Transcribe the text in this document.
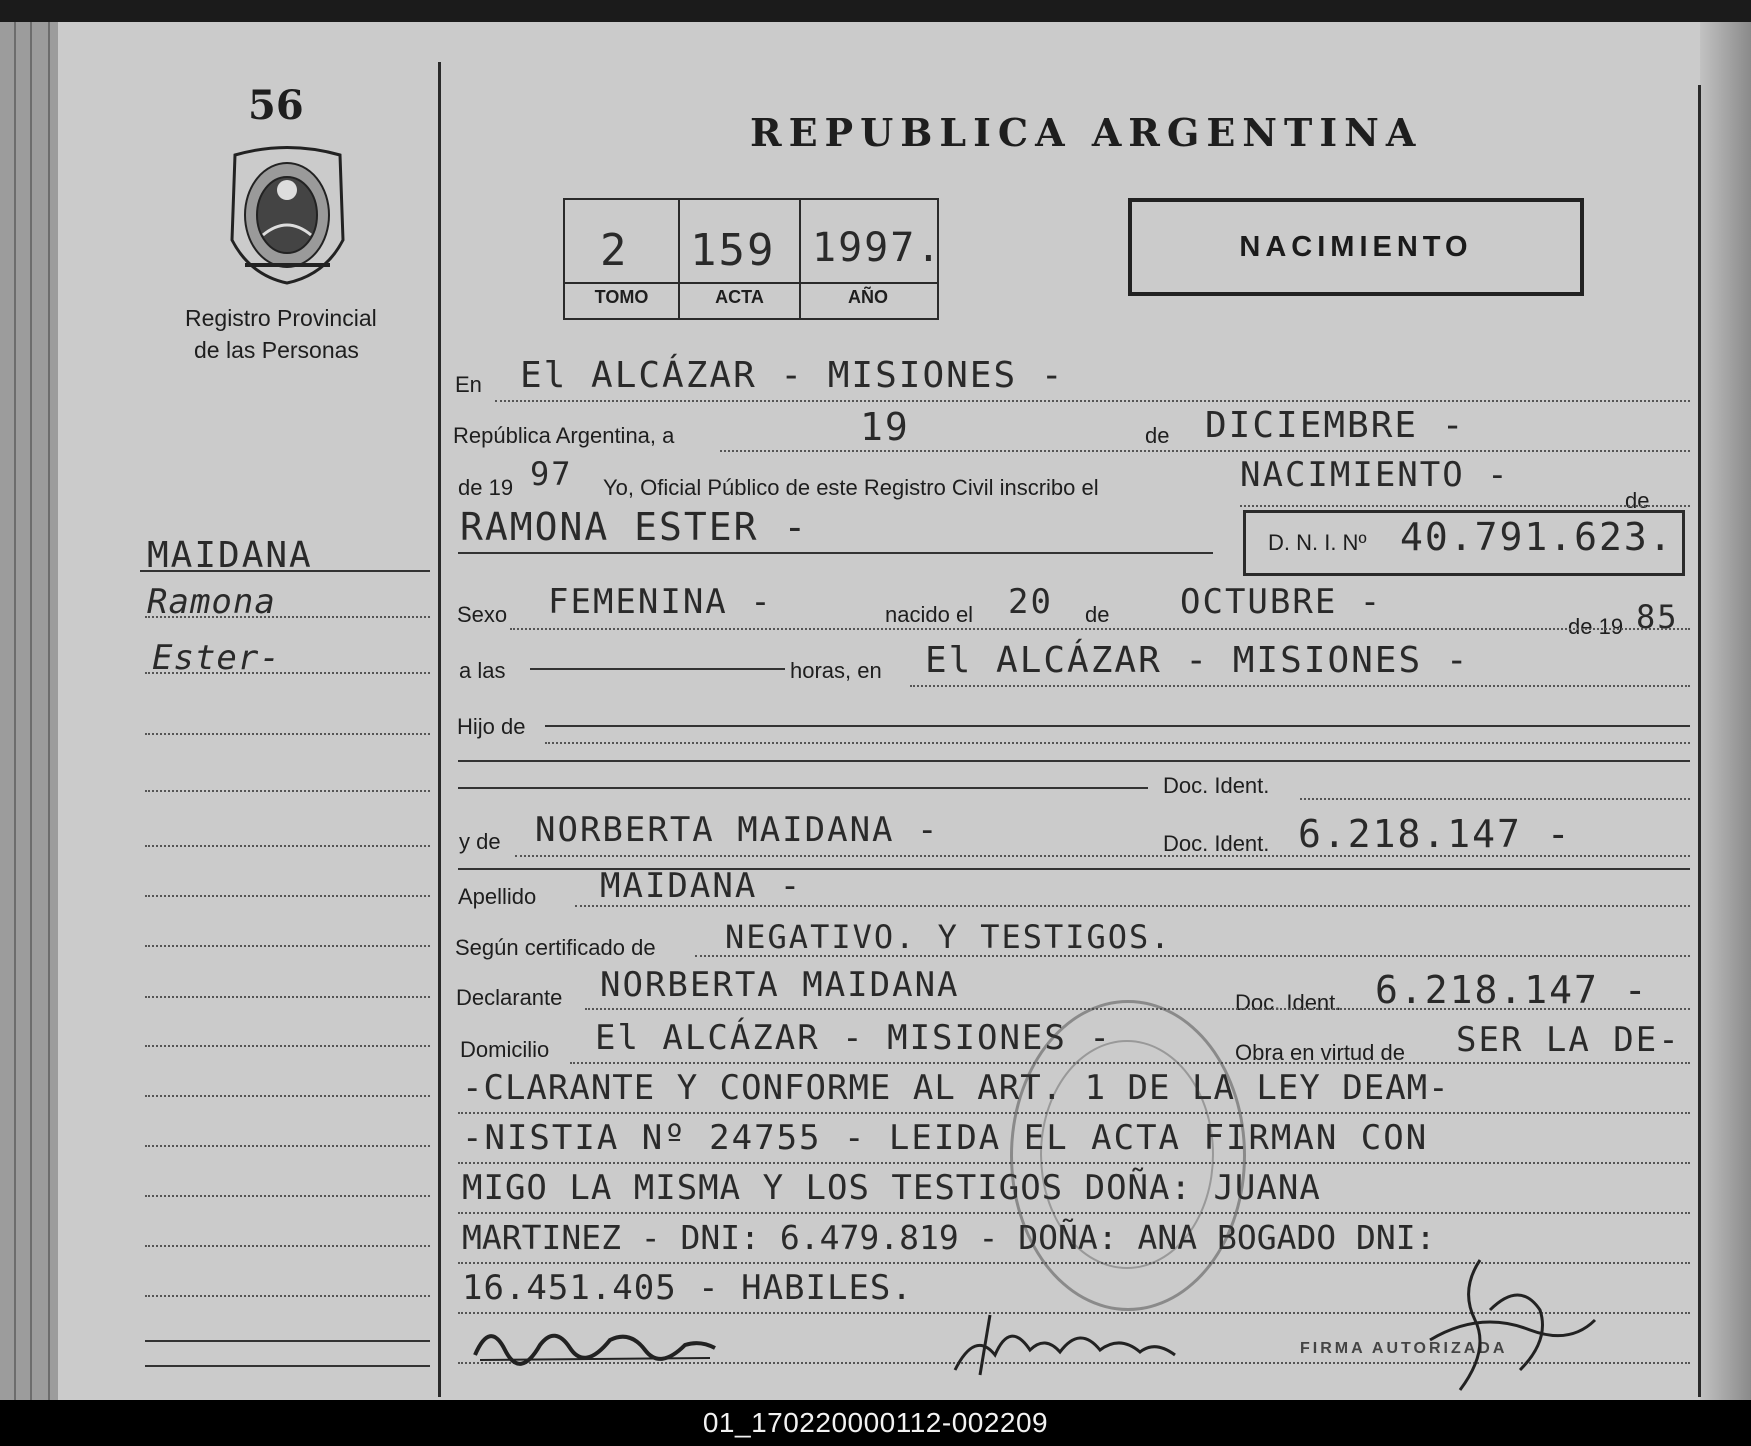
56
Registro Provincial
de las Personas
MAIDANA
Ramona
Ester-
REPUBLICA ARGENTINA
2 159 1997.
TOMO	ACTA	AÑO
NACIMIENTO
En El ALCÁZAR - MISIONES -
República Argentina, a	19	de DICIEMBRE -
de 19 97 Yo, Oficial Público de este Registro Civil inscribo el	NACIMIENTO -
de
RAMONA ESTER -	D. N. I. Nº 40.791.623.
Sexo FEMENINA -	nacido el 20 de OCTUBRE -
de 19 85
a las	horas, en El ALCÁZAR - MISIONES -
Hijo de
Doc. Ident.
y de NORBERTA MAIDANA -	Doc. Ident. 6.218.147 -
Apellido MAIDANA -
Según certificado de NEGATIVO. Y TESTIGOS.
Declarante NORBERTA MAIDANA	Doc. Ident. 6.218.147 -
Domicilio El ALCÁZAR - MISIONES -	Obra en virtud de SER LA DE-
-CLARANTE Y CONFORME AL ART. 1 DE LA LEY DEAM-
-NISTIA Nº 24755 - LEIDA EL ACTA FIRMAN CON
MIGO LA MISMA Y LOS TESTIGOS DOÑA: JUANA
MARTINEZ - DNI: 6.479.819 - DOÑA: ANA BOGADO DNI:
16.451.405 - HABILES.
FIRMA AUTORIZADA
01_170220000112-002209
